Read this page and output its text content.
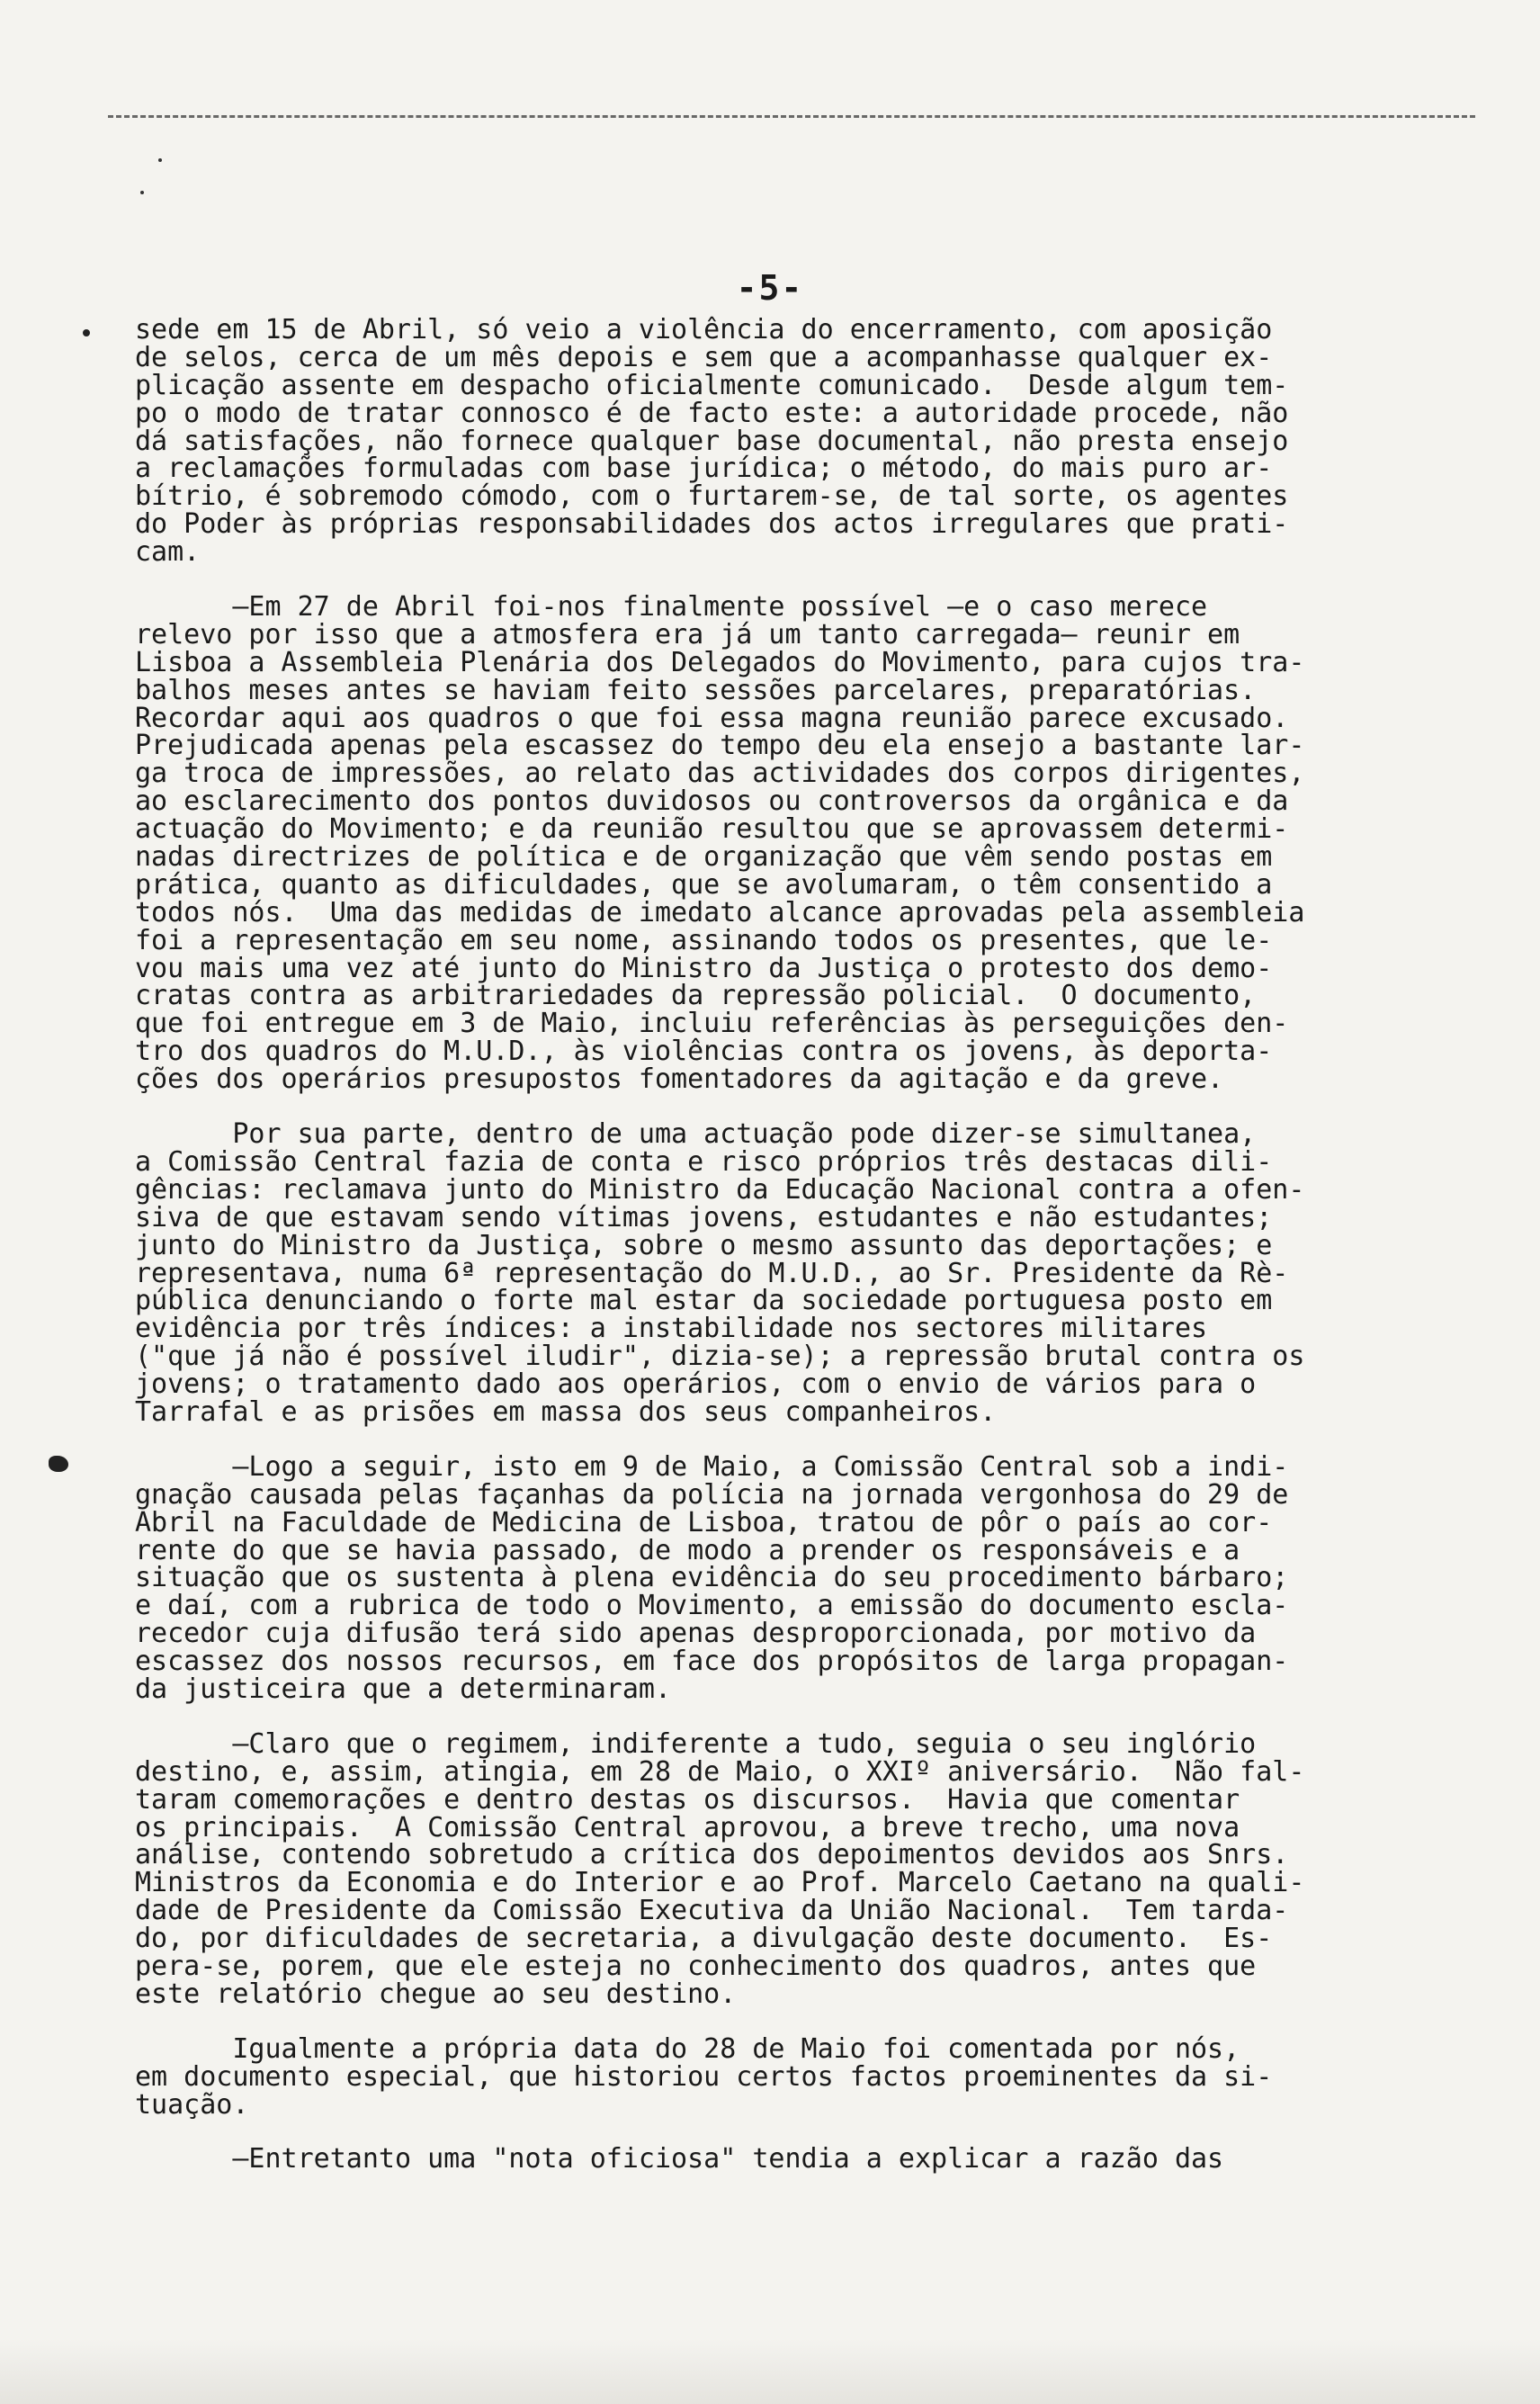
-5-
sede em 15 de Abril, só veio a violência do encerramento, com aposição
de selos, cerca de um mês depois e sem que a acompanhasse qualquer ex-
plicação assente em despacho oficialmente comunicado.  Desde algum tem-
po o modo de tratar connosco é de facto este: a autoridade procede, não
dá satisfações, não fornece qualquer base documental, não presta ensejo
a reclamações formuladas com base jurídica; o método, do mais puro ar-
bítrio, é sobremodo cómodo, com o furtarem-se, de tal sorte, os agentes
do Poder às próprias responsabilidades dos actos irregulares que prati-
cam.
—Em 27 de Abril foi-nos finalmente possível —e o caso merece
relevo por isso que a atmosfera era já um tanto carregada— reunir em
Lisboa a Assembleia Plenária dos Delegados do Movimento, para cujos tra-
balhos meses antes se haviam feito sessões parcelares, preparatórias.
Recordar aqui aos quadros o que foi essa magna reunião parece excusado.
Prejudicada apenas pela escassez do tempo deu ela ensejo a bastante lar-
ga troca de impressões, ao relato das actividades dos corpos dirigentes,
ao esclarecimento dos pontos duvidosos ou controversos da orgânica e da
actuação do Movimento; e da reunião resultou que se aprovassem determi-
nadas directrizes de política e de organização que vêm sendo postas em
prática, quanto as dificuldades, que se avolumaram, o têm consentido a
todos nós.  Uma das medidas de imedato alcance aprovadas pela assembleia
foi a representação em seu nome, assinando todos os presentes, que le-
vou mais uma vez até junto do Ministro da Justiça o protesto dos demo-
cratas contra as arbitrariedades da repressão policial.  O documento,
que foi entregue em 3 de Maio, incluiu referências às perseguições den-
tro dos quadros do M.U.D., às violências contra os jovens, às deporta-
ções dos operários presupostos fomentadores da agitação e da greve.
Por sua parte, dentro de uma actuação pode dizer-se simultanea,
a Comissão Central fazia de conta e risco próprios três destacas dili-
gências: reclamava junto do Ministro da Educação Nacional contra a ofen-
siva de que estavam sendo vítimas jovens, estudantes e não estudantes;
junto do Ministro da Justiça, sobre o mesmo assunto das deportações; e
representava, numa 6ª representação do M.U.D., ao Sr. Presidente da Rè-
pública denunciando o forte mal estar da sociedade portuguesa posto em
evidência por três índices: a instabilidade nos sectores militares
("que já não é possível iludir", dizia-se); a repressão brutal contra os
jovens; o tratamento dado aos operários, com o envio de vários para o
Tarrafal e as prisões em massa dos seus companheiros.
—Logo a seguir, isto em 9 de Maio, a Comissão Central sob a indi-
gnação causada pelas façanhas da polícia na jornada vergonhosa do 29 de
Abril na Faculdade de Medicina de Lisboa, tratou de pôr o país ao cor-
rente do que se havia passado, de modo a prender os responsáveis e a
situação que os sustenta à plena evidência do seu procedimento bárbaro;
e daí, com a rubrica de todo o Movimento, a emissão do documento escla-
recedor cuja difusão terá sido apenas desproporcionada, por motivo da
escassez dos nossos recursos, em face dos propósitos de larga propagan-
da justiceira que a determinaram.
—Claro que o regimem, indiferente a tudo, seguia o seu inglório
destino, e, assim, atingia, em 28 de Maio, o XXIº aniversário.  Não fal-
taram comemorações e dentro destas os discursos.  Havia que comentar
os principais.  A Comissão Central aprovou, a breve trecho, uma nova
análise, contendo sobretudo a crítica dos depoimentos devidos aos Snrs.
Ministros da Economia e do Interior e ao Prof. Marcelo Caetano na quali-
dade de Presidente da Comissão Executiva da União Nacional.  Tem tarda-
do, por dificuldades de secretaria, a divulgação deste documento.  Es-
pera-se, porem, que ele esteja no conhecimento dos quadros, antes que
este relatório chegue ao seu destino.
Igualmente a própria data do 28 de Maio foi comentada por nós,
em documento especial, que historiou certos factos proeminentes da si-
tuação.
—Entretanto uma "nota oficiosa" tendia a explicar a razão das
